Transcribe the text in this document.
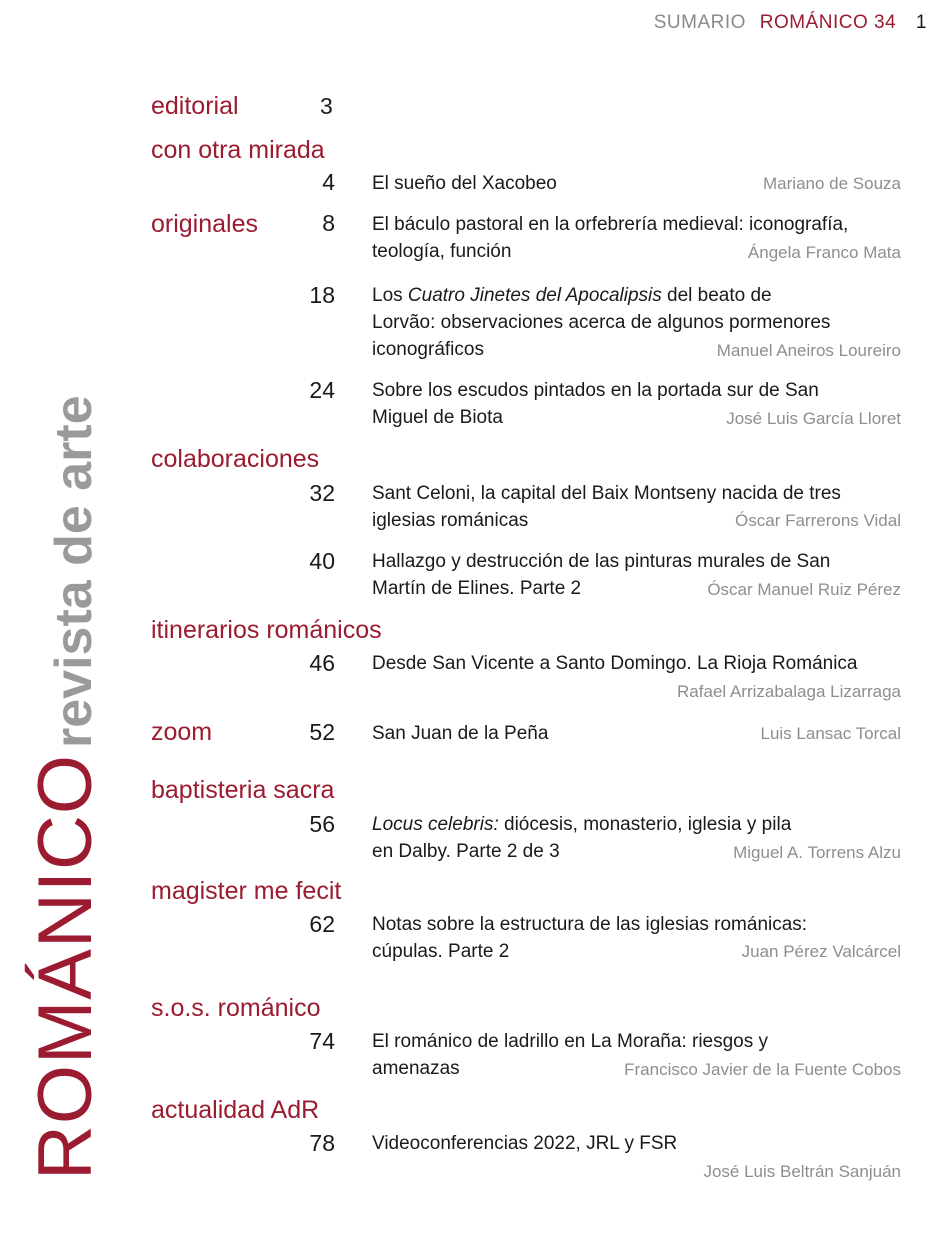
SUMARIO ROMÁNICO 34 1
ROMÁNICOrevista de arte
editorial	3
con otra mirada
4 El sueño del Xacobeo	Mariano de Souza
originales	8 El báculo pastoral en la orfebrería medieval: iconografía,
teología, función	Ángela Franco Mata
18 Los Cuatro Jinetes del Apocalipsis del beato de
Lorvão: observaciones acerca de algunos pormenores
iconográficos	Manuel Aneiros Loureiro
24 Sobre los escudos pintados en la portada sur de San
Miguel de Biota	José Luis García Lloret
colaboraciones
32 Sant Celoni, la capital del Baix Montseny nacida de tres
iglesias románicas	Óscar Farrerons Vidal
40 Hallazgo y destrucción de las pinturas murales de San
Martín de Elines. Parte 2	Óscar Manuel Ruiz Pérez
itinerarios románicos
46 Desde San Vicente a Santo Domingo. La Rioja Románica
Rafael Arrizabalaga Lizarraga
zoom	52 San Juan de la Peña	Luis Lansac Torcal
baptisteria sacra
56 Locus celebris: diócesis, monasterio, iglesia y pila
en Dalby. Parte 2 de 3	Miguel A. Torrens Alzu
magister me fecit
62 Notas sobre la estructura de las iglesias románicas:
cúpulas. Parte 2	Juan Pérez Valcárcel
s.o.s. románico
74 El románico de ladrillo en La Moraña: riesgos y
amenazas	Francisco Javier de la Fuente Cobos
actualidad AdR
78 Videoconferencias 2022, JRL y FSR
José Luis Beltrán Sanjuán
